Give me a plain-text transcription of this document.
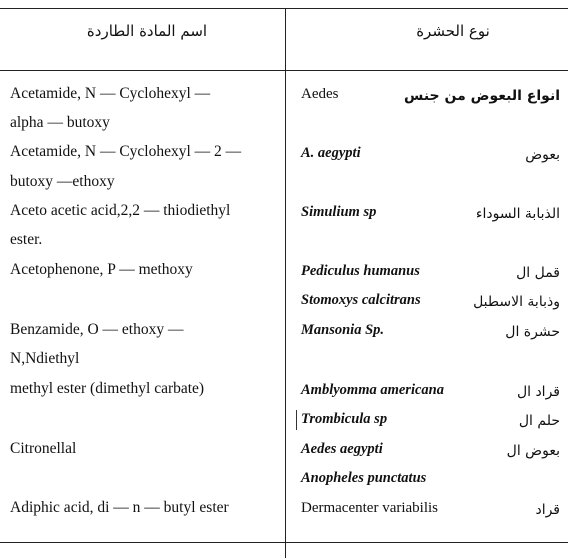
اسم المادة الطاردة	نوع الحشرة
Acetamide, N — Cyclohexyl —
alpha — butoxy
Acetamide, N — Cyclohexyl — 2 —
butoxy —ethoxy
Aceto acetic acid,2,2 — thiodiethyl
ester.
Acetophenone, P — methoxy
Benzamide, O — ethoxy —
N,Ndiethyl
methyl ester (dimethyl carbate)
Citronellal
Adiphic acid, di — n — butyl ester
Aedes
A. aegypti
Simulium sp
Pediculus humanus
Stomoxys calcitrans
Mansonia Sp.
Amblyomma americana
Trombicula sp
Aedes aegypti
Anopheles punctatus
Dermacenter variabilis
انواع البعوض من جنس
بعوض
الذبابة السوداء
قمل ال
وذبابة الاسطبل
حشرة ال
قراد ال
حلم ال
بعوض ال
قراد
